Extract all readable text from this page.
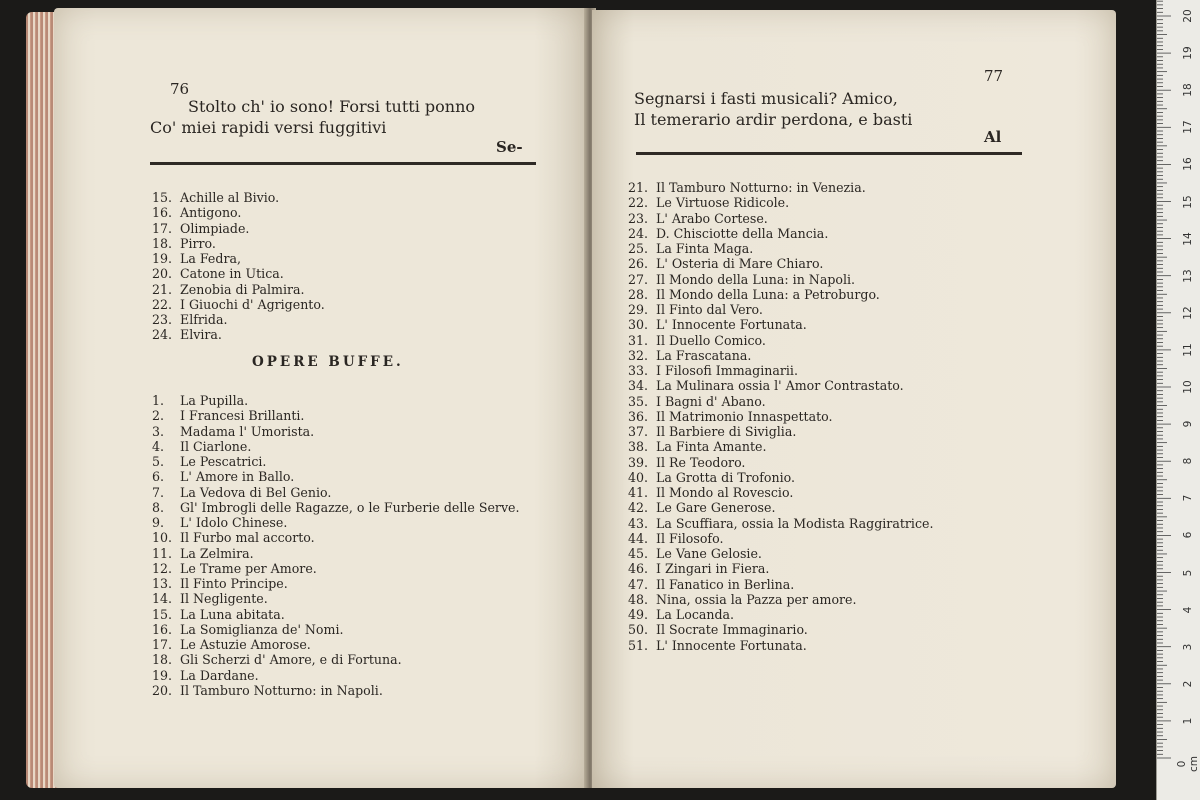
76
Stolto ch' io sono! Forsi tutti ponno
Co' miei rapidi versi fuggitivi
Se-
15. Achille al Bivio.
16. Antigono.
17. Olimpiade.
18. Pirro.
19. La Fedra,
20. Catone in Utica.
21. Zenobia di Palmira.
22. I Giuochi d' Agrigento.
23. Elfrida.
24. Elvira.
OPERE BUFFE.
1. La Pupilla.
2. I Francesi Brillanti.
3. Madama l' Umorista.
4. Il Ciarlone.
5. Le Pescatrici.
6. L' Amore in Ballo.
7. La Vedova di Bel Genio.
8. Gl' Imbrogli delle Ragazze, o le Furberie delle Serve.
9. L' Idolo Chinese.
10. Il Furbo mal accorto.
11. La Zelmira.
12. Le Trame per Amore.
13. Il Finto Principe.
14. Il Negligente.
15. La Luna abitata.
16. La Somiglianza de' Nomi.
17. Le Astuzie Amorose.
18. Gli Scherzi d' Amore, e di Fortuna.
19. La Dardane.
20. Il Tamburo Notturno: in Napoli.
77
Segnarsi i fasti musicali? Amico,
Il temerario ardir perdona, e basti
Al
21. Il Tamburo Notturno: in Venezia.
22. Le Virtuose Ridicole.
23. L' Arabo Cortese.
24. D. Chisciotte della Mancia.
25. La Finta Maga.
26. L' Osteria di Mare Chiaro.
27. Il Mondo della Luna: in Napoli.
28. Il Mondo della Luna: a Petroburgo.
29. Il Finto dal Vero.
30. L' Innocente Fortunata.
31. Il Duello Comico.
32. La Frascatana.
33. I Filosofi Immaginarii.
34. La Mulinara ossia l' Amor Contrastato.
35. I Bagni d' Abano.
36. Il Matrimonio Innaspettato.
37. Il Barbiere di Siviglia.
38. La Finta Amante.
39. Il Re Teodoro.
40. La Grotta di Trofonio.
41. Il Mondo al Rovescio.
42. Le Gare Generose.
43. La Scuffiara, ossia la Modista Raggiratrice.
44. Il Filosofo.
45. Le Vane Gelosie.
46. I Zingari in Fiera.
47. Il Fanatico in Berlina.
48. Nina, ossia la Pazza per amore.
49. La Locanda.
50. Il Socrate Immaginario.
51. L' Innocente Fortunata.
0 cm
1
2
3
4
5
6
7
8
9
10
11
12
13
14
15
16
17
18
19
20
